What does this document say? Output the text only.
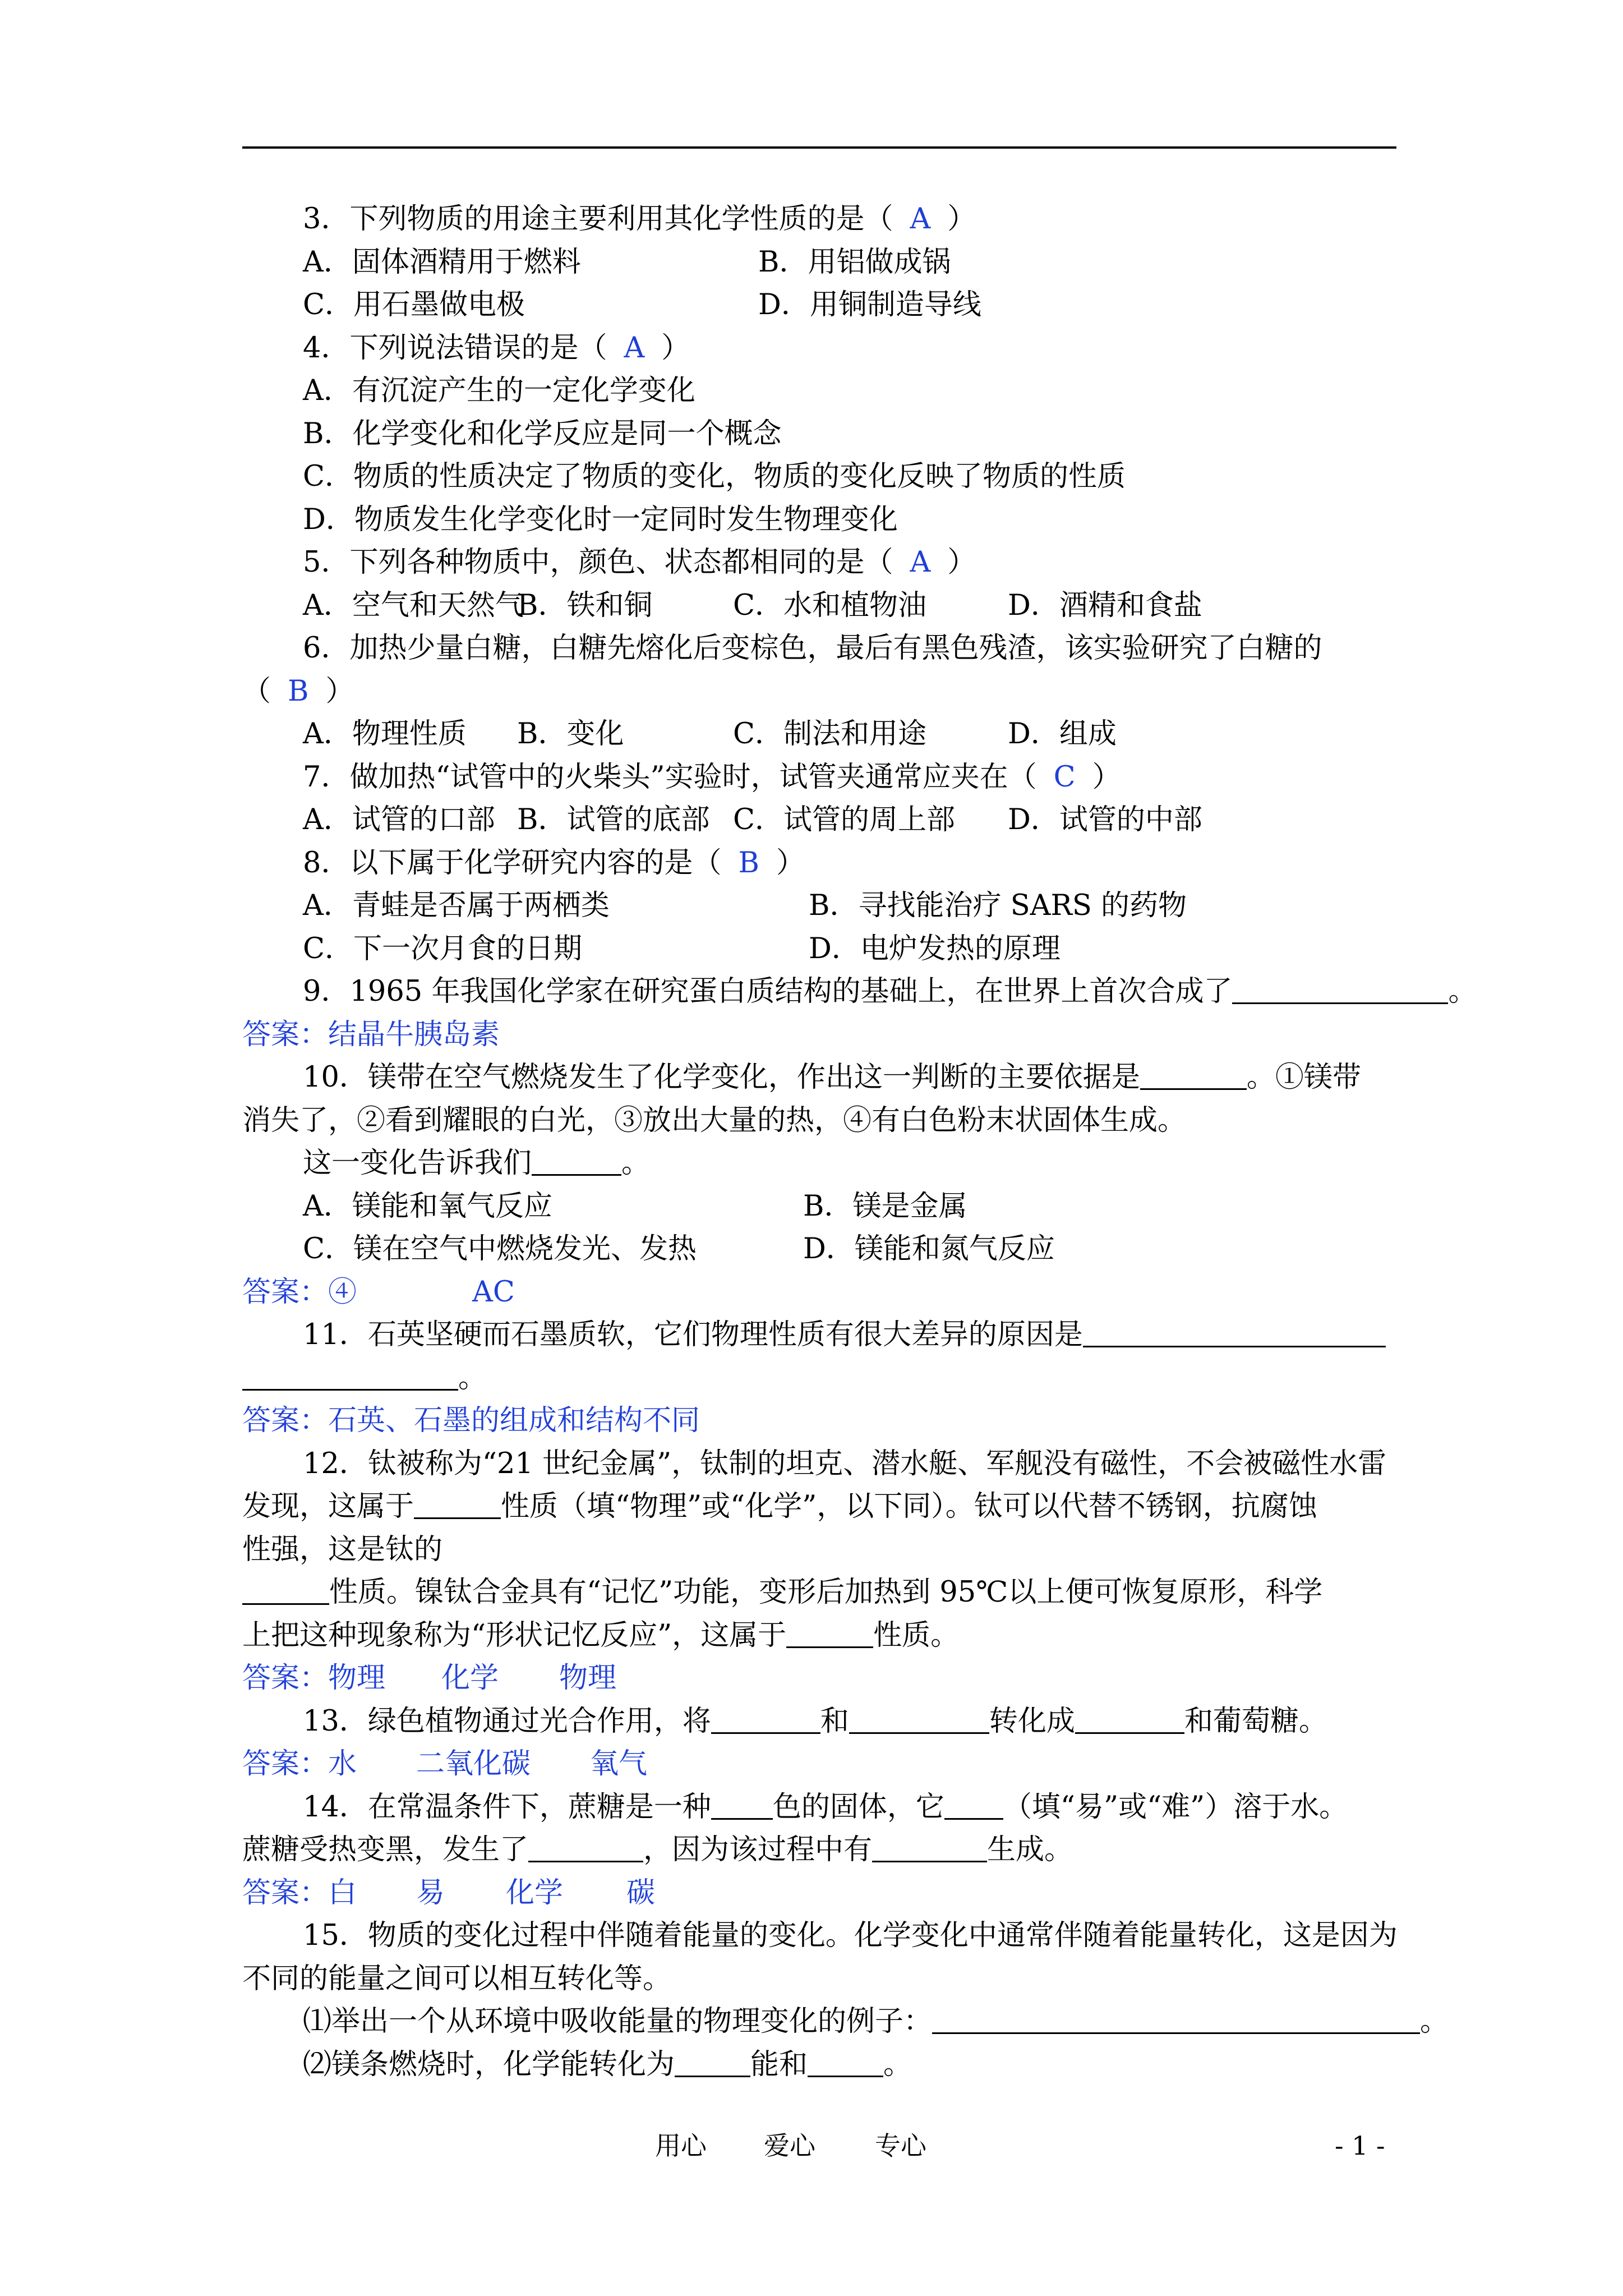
3．下列物质的用途主要利用其化学性质的是（ A ）
A．固体酒精用于燃料	B．用铝做成锅
C．用石墨做电极	D．用铜制造导线
4．下列说法错误的是（ A ）
A．有沉淀产生的一定化学变化
B．化学变化和化学反应是同一个概念
C．物质的性质决定了物质的变化，物质的变化反映了物质的性质
D．物质发生化学变化时一定同时发生物理变化
5．下列各种物质中，颜色、状态都相同的是（ A ）
A．空气和天然气
B．铁和铜	C．水和植物油	D．酒精和食盐
6．加热少量白糖，白糖先熔化后变棕色，最后有黑色残渣，该实验研究了白糖的
（ B ）
A．物理性质 B．变化	C．制法和用途	D．组成
7．做加热“试管中的火柴头”实验时，试管夹通常应夹在（ C ）
A．试管的口部 B．试管的底部 C．试管的周上部 D．试管的中部
8．以下属于化学研究内容的是（ B ）
A．青蛙是否属于两栖类	B．寻找能治疗 SARS 的药物
C．下一次月食的日期	D．电炉发热的原理
9．1965 年我国化学家在研究蛋白质结构的基础上，在世界上首次合成了	。
答案：结晶牛胰岛素
10．镁带在空气燃烧发生了化学变化，作出这一判断的主要依据是	。①镁带
消失了，②看到耀眼的白光，③放出大量的热，④有白色粉末状固体生成。
这一变化告诉我们	。
A．镁能和氧气反应	B．镁是金属
C．镁在空气中燃烧发光、发热	D．镁能和氮气反应
答案：④	AC
11．石英坚硬而石墨质软，它们物理性质有很大差异的原因是
。
答案：石英、石墨的组成和结构不同
12．钛被称为“21 世纪金属”，钛制的坦克、潜水艇、军舰没有磁性，不会被磁性水雷
发现，这属于	性质（填“物理”或“化学”，以下同）。钛可以代替不锈钢，抗腐蚀
性强，这是钛的
性质。镍钛合金具有“记忆”功能，变形后加热到 95℃以上便可恢复原形，科学
上把这种现象称为“形状记忆反应”，这属于	性质。
答案：物理 化学 物理
13．绿色植物通过光合作用，将	和	转化成	和葡萄糖。
答案：水 二氧化碳 氧气
14．在常温条件下，蔗糖是一种 色的固体，它 （填“易”或“难”）溶于水。
蔗糖受热变黑，发生了	，因为该过程中有	生成。
答案：白 易 化学 碳
15．物质的变化过程中伴随着能量的变化。化学变化中通常伴随着能量转化，这是因为
不同的能量之间可以相互转化等。
⑴举出一个从环境中吸收能量的物理变化的例子：	。
⑵镁条燃烧时，化学能转化为	能和	。
用心 爱心 专心	- 1 -
